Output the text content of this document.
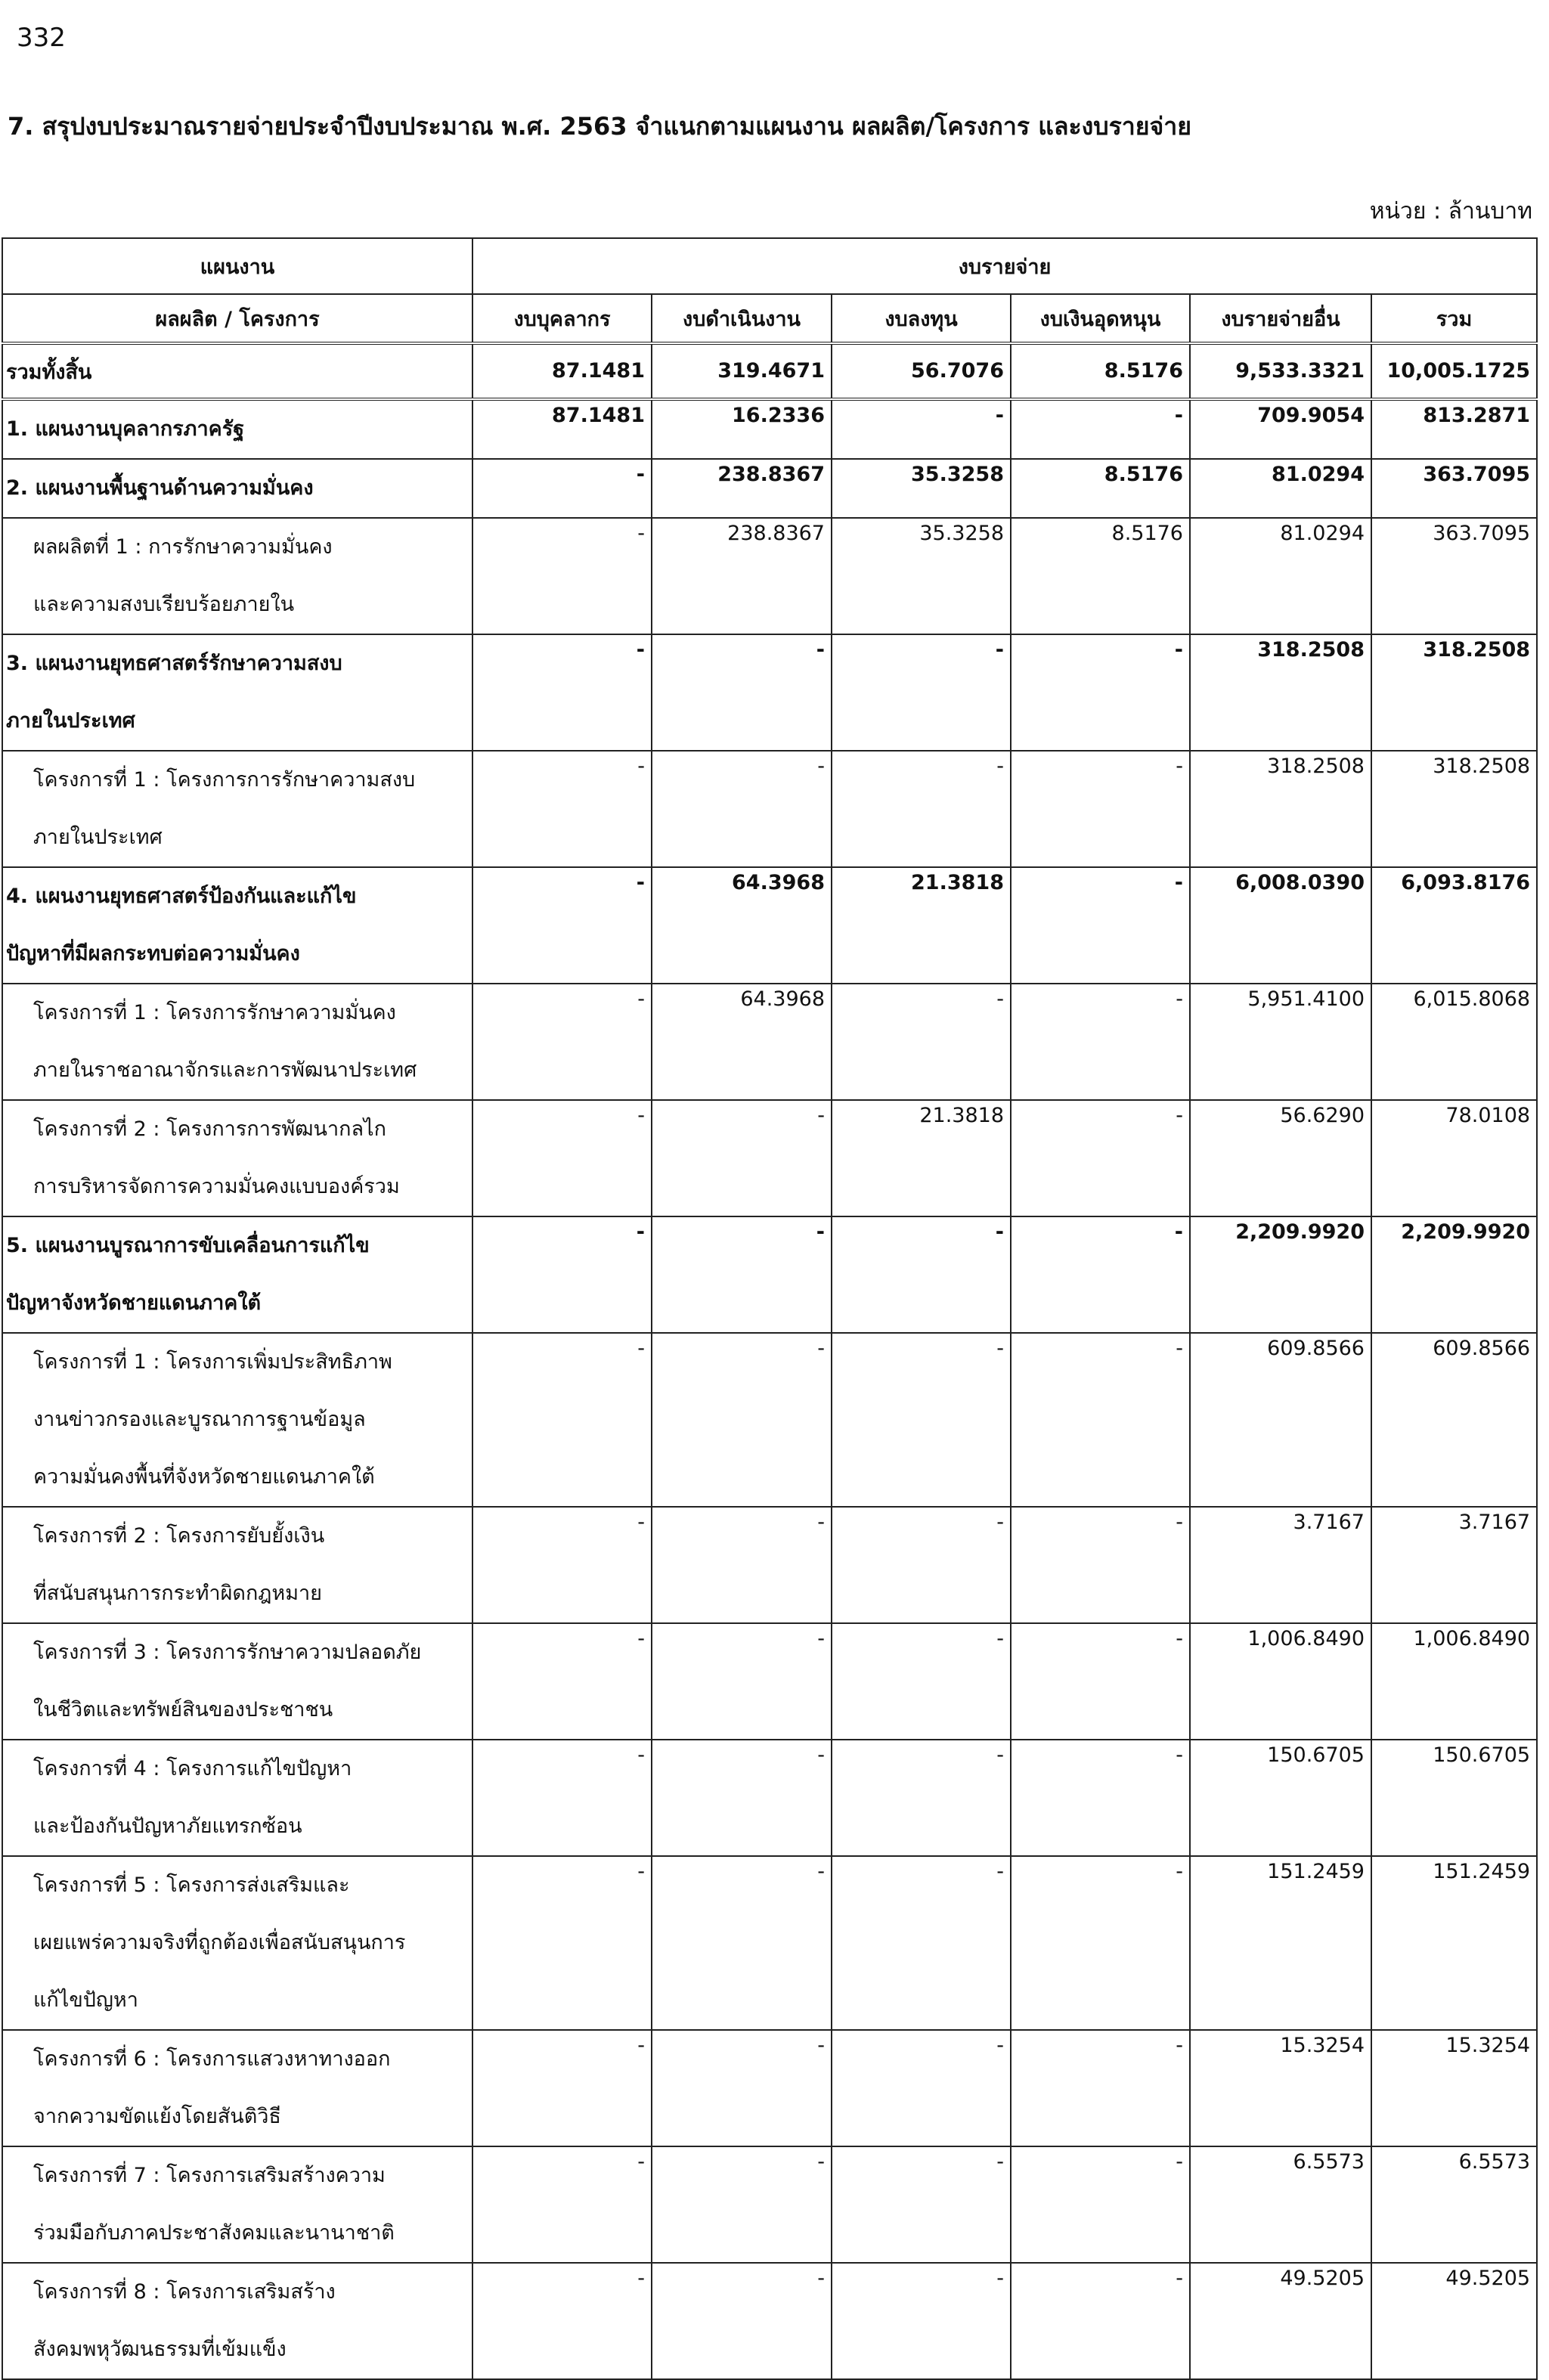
332
7. สรุปงบประมาณรายจ่ายประจำปีงบประมาณ พ.ศ. 2563 จำแนกตามแผนงาน ผลผลิต/โครงการ และงบรายจ่าย
หน่วย : ล้านบาท
แผนงาน	งบรายจ่าย					
ผลผลิต / โครงการ	งบบุคลากร	งบดำเนินงาน	งบลงทุน	งบเงินอุดหนุน	งบรายจ่ายอื่น	รวม
รวมทั้งสิ้น	87.1481	319.4671	56.7076	8.5176	9,533.3321	10,005.1725
1. แผนงานบุคลากรภาครัฐ	87.1481	16.2336	-	-	709.9054	813.2871
2. แผนงานพื้นฐานด้านความมั่นคง	-	238.8367	35.3258	8.5176	81.0294	363.7095
ผลผลิตที่ 1 : การรักษาความมั่นคง
และความสงบเรียบร้อยภายใน	-	238.8367	35.3258	8.5176	81.0294	363.7095
3. แผนงานยุทธศาสตร์รักษาความสงบ
ภายในประเทศ	-	-	-	-	318.2508	318.2508
โครงการที่ 1 : โครงการการรักษาความสงบ
ภายในประเทศ	-	-	-	-	318.2508	318.2508
4. แผนงานยุทธศาสตร์ป้องกันและแก้ไข
ปัญหาที่มีผลกระทบต่อความมั่นคง	-	64.3968	21.3818	-	6,008.0390	6,093.8176
โครงการที่ 1 : โครงการรักษาความมั่นคง
ภายในราชอาณาจักรและการพัฒนาประเทศ	-	64.3968	-	-	5,951.4100	6,015.8068
โครงการที่ 2 : โครงการการพัฒนากลไก
การบริหารจัดการความมั่นคงแบบองค์รวม	-	-	21.3818	-	56.6290	78.0108
5. แผนงานบูรณาการขับเคลื่อนการแก้ไข
ปัญหาจังหวัดชายแดนภาคใต้	-	-	-	-	2,209.9920	2,209.9920
โครงการที่ 1 : โครงการเพิ่มประสิทธิภาพ
งานข่าวกรองและบูรณาการฐานข้อมูล
ความมั่นคงพื้นที่จังหวัดชายแดนภาคใต้	-	-	-	-	609.8566	609.8566
โครงการที่ 2 : โครงการยับยั้งเงิน
ที่สนับสนุนการกระทำผิดกฎหมาย	-	-	-	-	3.7167	3.7167
โครงการที่ 3 : โครงการรักษาความปลอดภัย
ในชีวิตและทรัพย์สินของประชาชน	-	-	-	-	1,006.8490	1,006.8490
โครงการที่ 4 : โครงการแก้ไขปัญหา
และป้องกันปัญหาภัยแทรกซ้อน	-	-	-	-	150.6705	150.6705
โครงการที่ 5 : โครงการส่งเสริมและ
เผยแพร่ความจริงที่ถูกต้องเพื่อสนับสนุนการ
แก้ไขปัญหา	-	-	-	-	151.2459	151.2459
โครงการที่ 6 : โครงการแสวงหาทางออก
จากความขัดแย้งโดยสันติวิธี	-	-	-	-	15.3254	15.3254
โครงการที่ 7 : โครงการเสริมสร้างความ
ร่วมมือกับภาคประชาสังคมและนานาชาติ	-	-	-	-	6.5573	6.5573
โครงการที่ 8 : โครงการเสริมสร้าง
สังคมพหุวัฒนธรรมที่เข้มแข็ง	-	-	-	-	49.5205	49.5205
